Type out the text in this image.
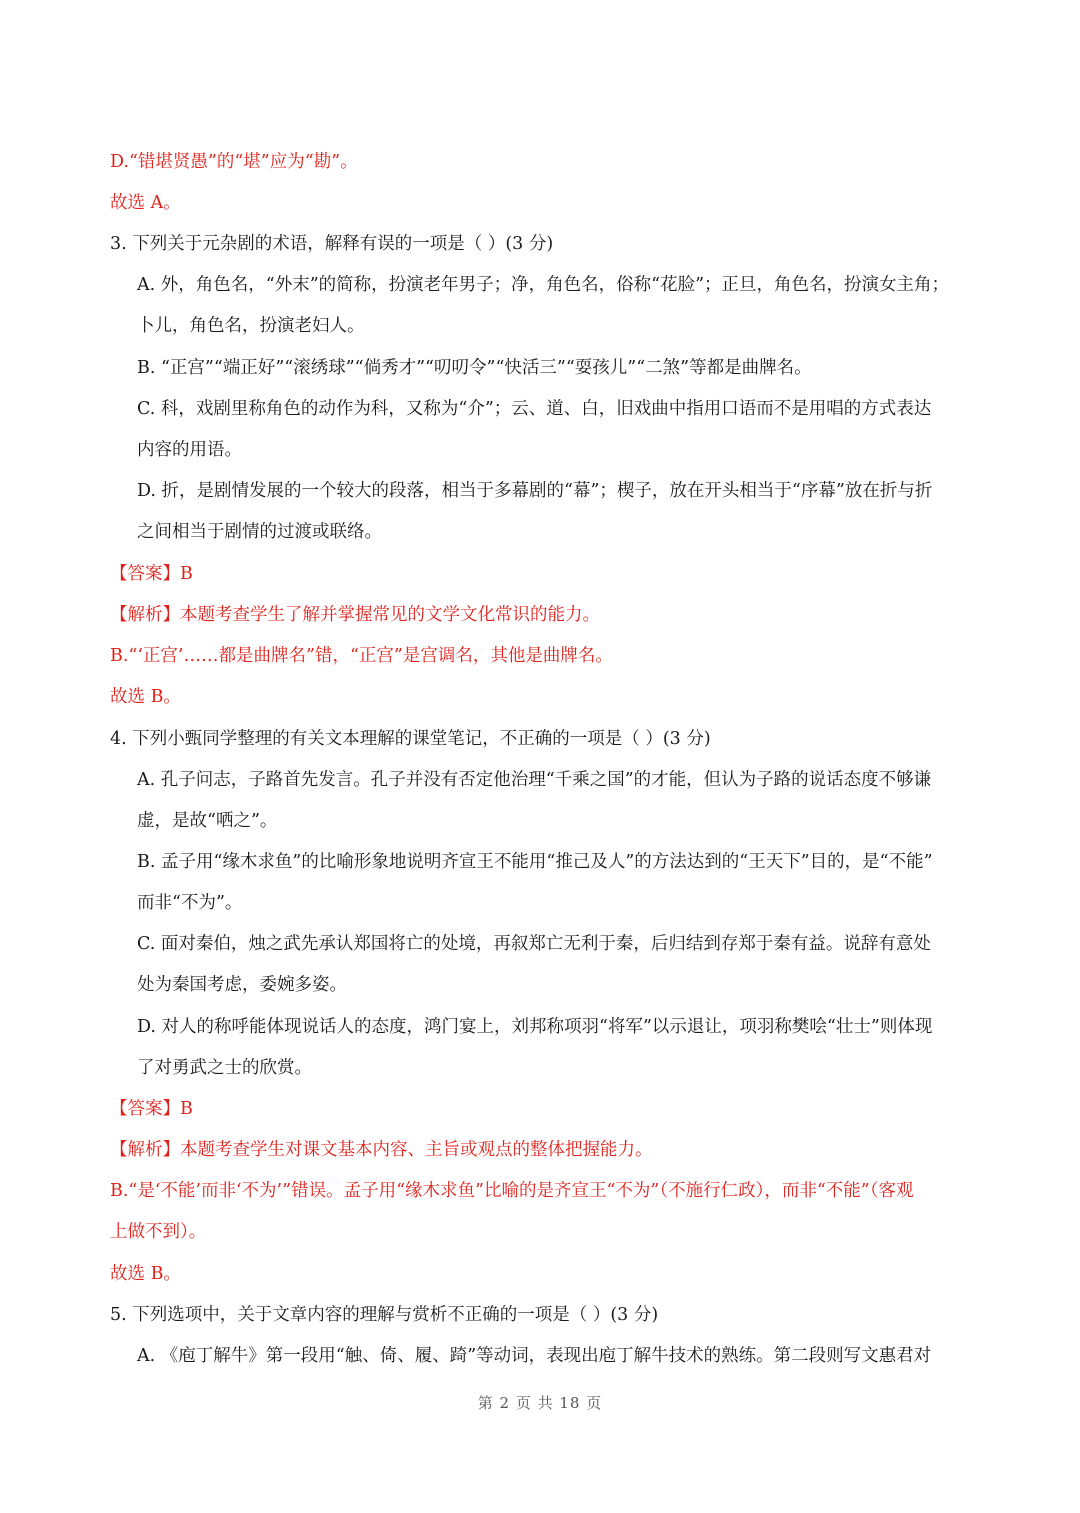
D.“错堪贤愚”的“堪”应为“勘”。
故选 A。
3. 下列关于元杂剧的术语，解释有误的一项是（ ）(3 分)
A. 外，角色名，“外末”的简称，扮演老年男子；净，角色名，俗称“花脸”；正旦，角色名，扮演女主角；
卜儿，角色名，扮演老妇人。
B. “正宫”“端正好”“滚绣球”“倘秀才”“叨叨令”“快活三”“耍孩儿”“二煞”等都是曲牌名。
C. 科，戏剧里称角色的动作为科，又称为“介”；云、道、白，旧戏曲中指用口语而不是用唱的方式表达
内容的用语。
D. 折，是剧情发展的一个较大的段落，相当于多幕剧的“幕”；楔子，放在开头相当于“序幕”放在折与折
之间相当于剧情的过渡或联络。
【答案】B
【解析】本题考查学生了解并掌握常见的文学文化常识的能力。
B.“‘正宫’……都是曲牌名”错，“正宫”是宫调名，其他是曲牌名。
故选 B。
4. 下列小甄同学整理的有关文本理解的课堂笔记，不正确的一项是（ ）(3 分)
A. 孔子问志，子路首先发言。孔子并没有否定他治理“千乘之国”的才能，但认为子路的说话态度不够谦
虚，是故“哂之”。
B. 孟子用“缘木求鱼”的比喻形象地说明齐宣王不能用“推己及人”的方法达到的“王天下”目的，是“不能”
而非“不为”。
C. 面对秦伯，烛之武先承认郑国将亡的处境，再叙郑亡无利于秦，后归结到存郑于秦有益。说辞有意处
处为秦国考虑，委婉多姿。
D. 对人的称呼能体现说话人的态度，鸿门宴上，刘邦称项羽“将军”以示退让，项羽称樊哙“壮士”则体现
了对勇武之士的欣赏。
【答案】B
【解析】本题考查学生对课文基本内容、主旨或观点的整体把握能力。
B.“是‘不能’而非‘不为’”错误。孟子用“缘木求鱼”比喻的是齐宣王“不为”（不施行仁政），而非“不能”（客观
上做不到）。
故选 B。
5. 下列选项中，关于文章内容的理解与赏析不正确的一项是（ ）(3 分)
A. 《庖丁解牛》第一段用“触、倚、履、踦”等动词，表现出庖丁解牛技术的熟练。第二段则写文惠君对
第 2 页 共 18 页
